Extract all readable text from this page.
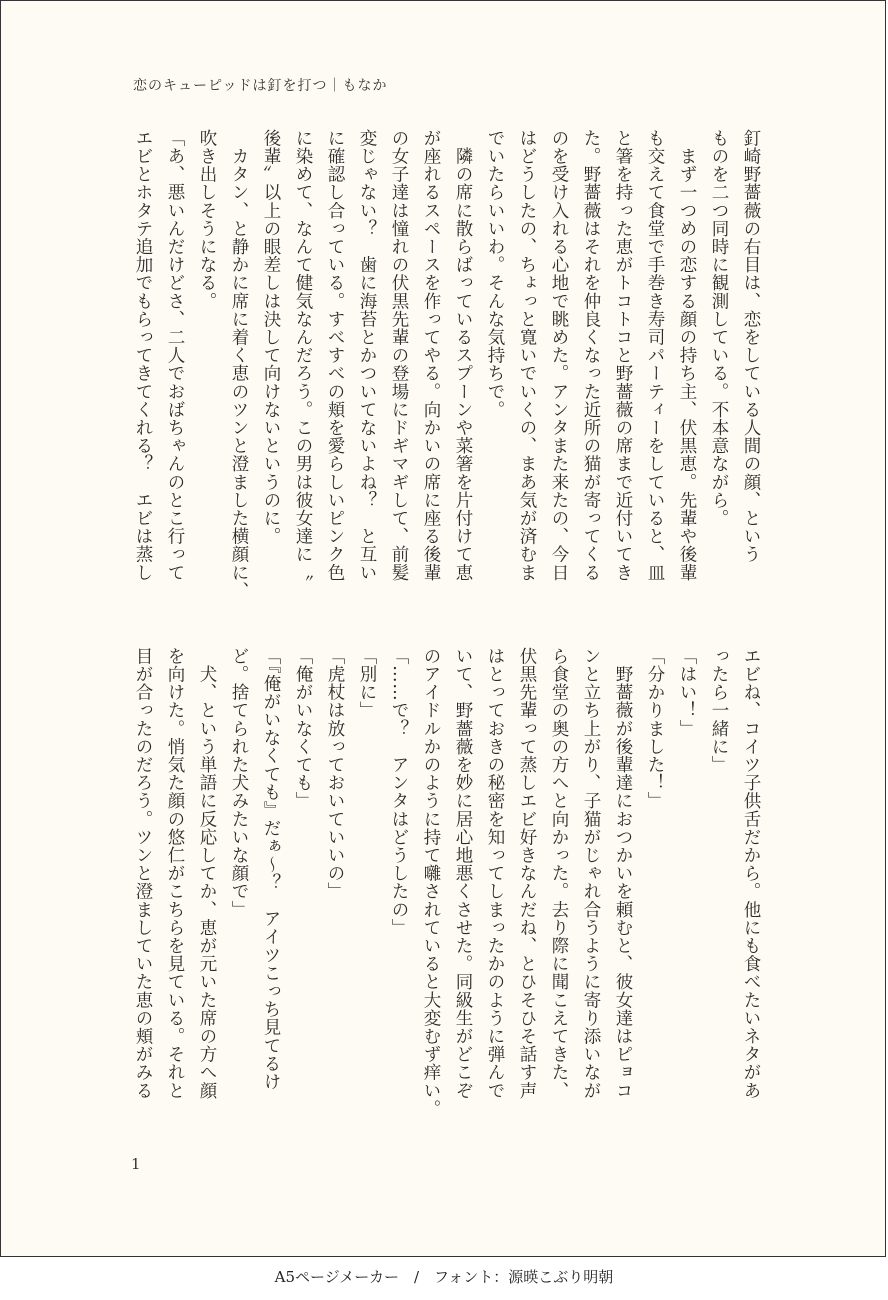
恋のキューピッドは釘を打つ｜もなか
釘崎野薔薇の右目は、恋をしている人間の顔、という
ものを二つ同時に観測している。不本意ながら。
　まず一つめの恋する顔の持ち主、伏黒恵。先輩や後輩
も交えて食堂で手巻き寿司パーティーをしていると、皿
と箸を持った恵がトコトコと野薔薇の席まで近付いてき
た。野薔薇はそれを仲良くなった近所の猫が寄ってくる
のを受け入れる心地で眺めた。アンタまた来たの、今日
はどうしたの、ちょっと寛いでいくの、まあ気が済むま
でいたらいいわ。そんな気持ちで。
　隣の席に散らばっているスプーンや菜箸を片付けて恵
が座れるスペースを作ってやる。向かいの席に座る後輩
の女子達は憧れの伏黒先輩の登場にドギマギして、前髪
変じゃない？　歯に海苔とかついてないよね？　と互い
に確認し合っている。すべすべの頬を愛らしいピンク色
に染めて、なんて健気なんだろう。この男は彼女達に〝
後輩〟以上の眼差しは決して向けないというのに。
　カタン、と静かに席に着く恵のツンと澄ました横顔に、
吹き出しそうになる。
「あ、悪いんだけどさ、二人でおばちゃんのとこ行って
エビとホタテ追加でもらってきてくれる？　エビは蒸し
エビね、コイツ子供舌だから。他にも食べたいネタがあ
ったら一緒に」
「はい！」
「分かりました！」
　野薔薇が後輩達におつかいを頼むと、彼女達はピョコ
ンと立ち上がり、子猫がじゃれ合うように寄り添いなが
ら食堂の奥の方へと向かった。去り際に聞こえてきた、
伏黒先輩って蒸しエビ好きなんだね、とひそひそ話す声
はとっておきの秘密を知ってしまったかのように弾んで
いて、野薔薇を妙に居心地悪くさせた。同級生がどこぞ
のアイドルかのように持て囃されていると大変むず痒い。
「……で？　アンタはどうしたの」
「別に」
「虎杖は放っておいていいの」
「俺がいなくても」
「『俺がいなくても』だぁ～？　アイツこっち見てるけ
ど。捨てられた犬みたいな顔で」
　犬、という単語に反応してか、恵が元いた席の方へ顔
を向けた。悄気た顔の悠仁がこちらを見ている。それと
目が合ったのだろう。ツンと澄ましていた恵の頬がみる
1
A5ページメーカー　/　フォント：源暎こぶり明朝
